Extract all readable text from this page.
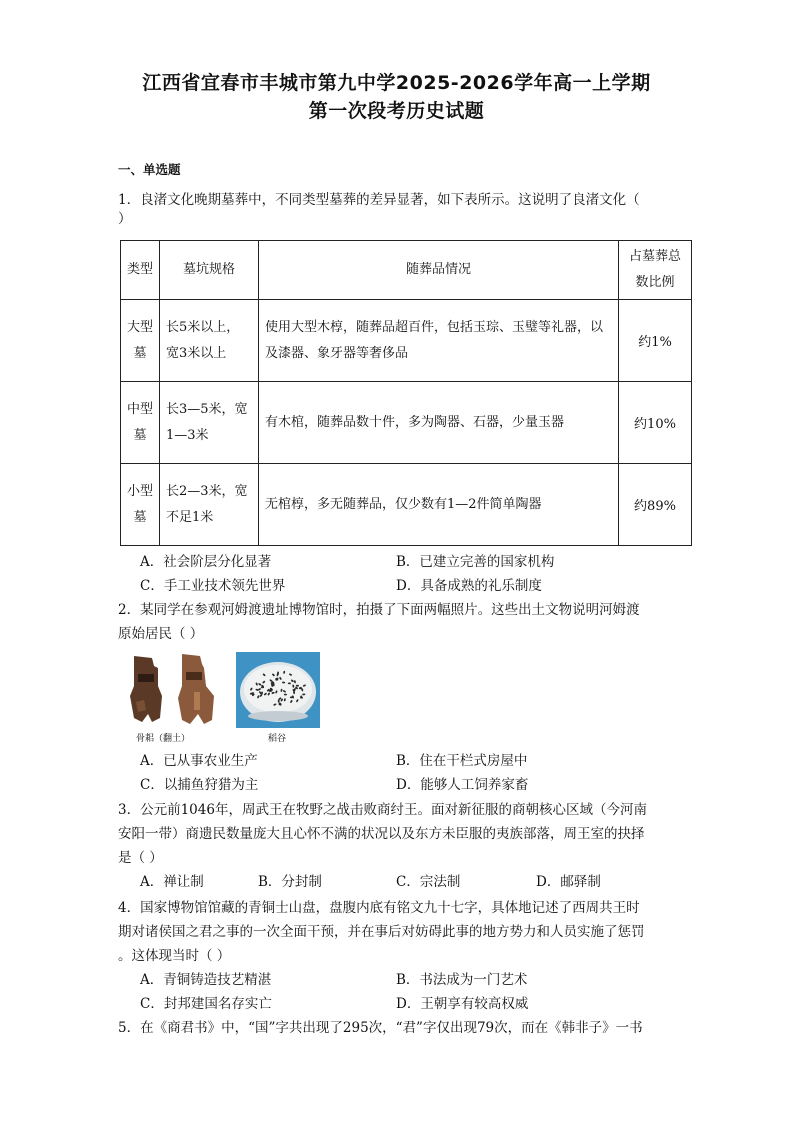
江西省宜春市丰城市第九中学2025-2026学年高一上学期
第一次段考历史试题
一、单选题
1．良渚文化晚期墓葬中，不同类型墓葬的差异显著，如下表所示。这说明了良渚文化（
）
类型	墓坑规格	随葬品情况	占墓葬总数比例
大型墓	长5米以上，宽3米以上	使用大型木椁，随葬品超百件，包括玉琮、玉璧等礼器，以及漆器、象牙器等奢侈品	约1%
中型墓	长3—5米，宽1—3米	有木棺，随葬品数十件，多为陶器、石器，少量玉器	约10%
小型墓	长2—3米，宽不足1米	无棺椁，多无随葬品，仅少数有1—2件简单陶器	约89%
A．社会阶层分化显著	B．已建立完善的国家机构
C．手工业技术领先世界	D．具备成熟的礼乐制度
2．某同学在参观河姆渡遗址博物馆时，拍摄了下面两幅照片。这些出土文物说明河姆渡
原始居民（ ）
骨耜（翻土）	稻谷
A．已从事农业生产	B．住在干栏式房屋中
C．以捕鱼狩猎为主	D．能够人工饲养家畜
3．公元前1046年，周武王在牧野之战击败商纣王。面对新征服的商朝核心区域（今河南
安阳一带）商遗民数量庞大且心怀不满的状况以及东方未臣服的夷族部落，周王室的抉择
是（ ）
A．禅让制	B．分封制	C．宗法制	D．邮驿制
4．国家博物馆馆藏的青铜士山盘，盘腹内底有铭文九十七字，具体地记述了西周共王时
期对诸侯国之君之事的一次全面干预，并在事后对妨碍此事的地方势力和人员实施了惩罚
。这体现当时（ ）
A．青铜铸造技艺精湛	B．书法成为一门艺术
C．封邦建国名存实亡	D．王朝享有较高权威
5．在《商君书》中，“国”字共出现了295次，“君”字仅出现79次，而在《韩非子》一书
